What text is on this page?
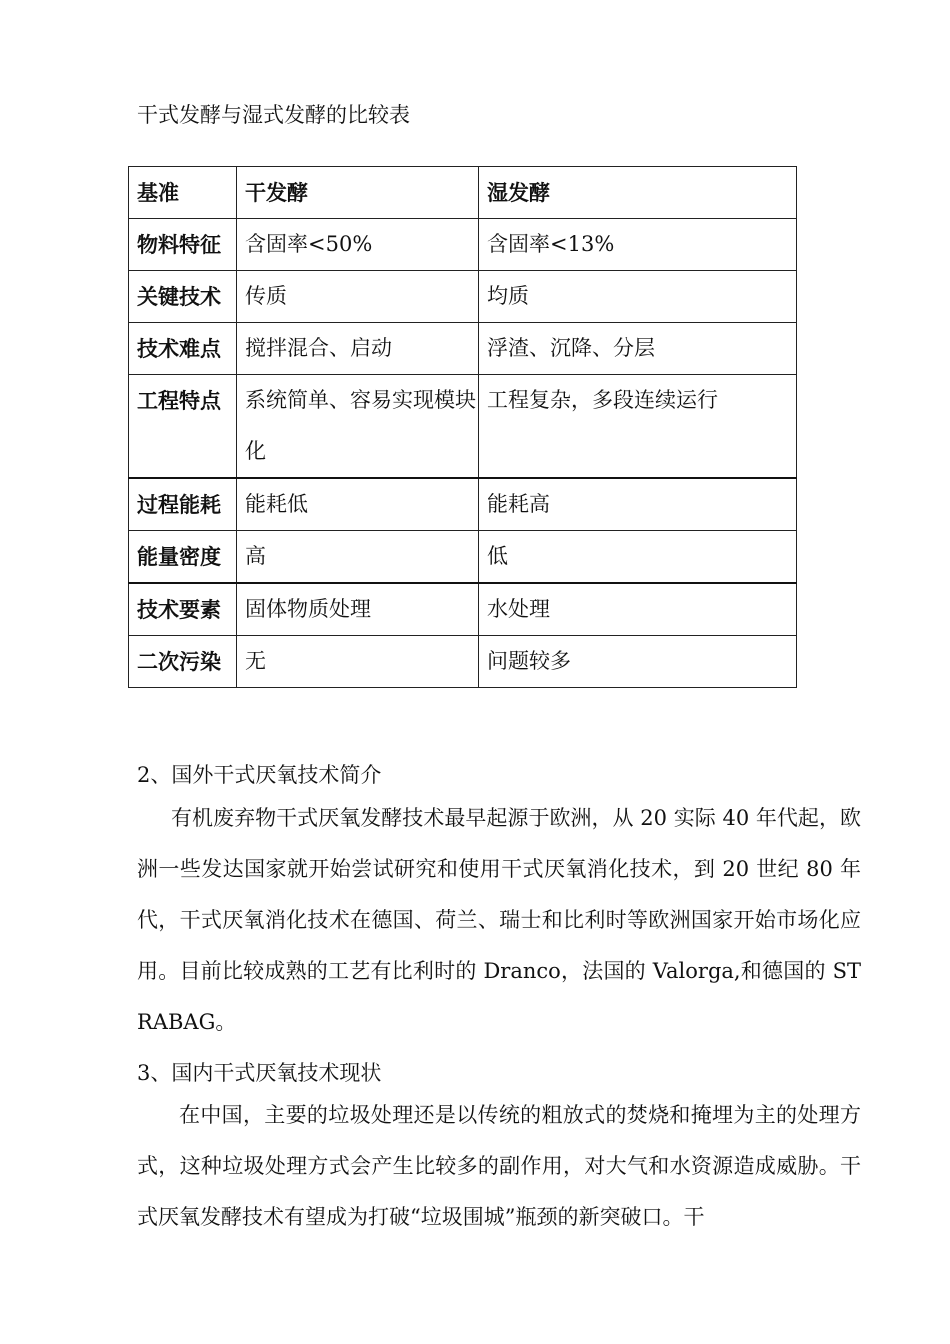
干式发酵与湿式发酵的比较表
基准	干发酵	湿发酵
物料特征	含固率<50%	含固率<13%
关键技术	传质	均质
技术难点	搅拌混合、启动	浮渣、沉降、分层
工程特点	系统简单、容易实现模块化	工程复杂，多段连续运行
过程能耗	能耗低	能耗高
能量密度	高	低
技术要素	固体物质处理	水处理
二次污染	无	问题较多
2、国外干式厌氧技术简介

有机废弃物干式厌氧发酵技术最早起源于欧洲，从 20 实际 40 年代起，欧洲一些发达国家就开始尝试研究和使用干式厌氧消化技术，到 20 世纪 80 年代，干式厌氧消化技术在德国、荷兰、瑞士和比利时等欧洲国家开始市场化应用。目前比较成熟的工艺有比利时的 Dranco，法国的 Valorga,和德国的 STRABAG。

3、国内干式厌氧技术现状

在中国，主要的垃圾处理还是以传统的粗放式的焚烧和掩埋为主的处理方式，这种垃圾处理方式会产生比较多的副作用，对大气和水资源造成威胁。干式厌氧发酵技术有望成为打破“垃圾围城”瓶颈的新突破口。干
